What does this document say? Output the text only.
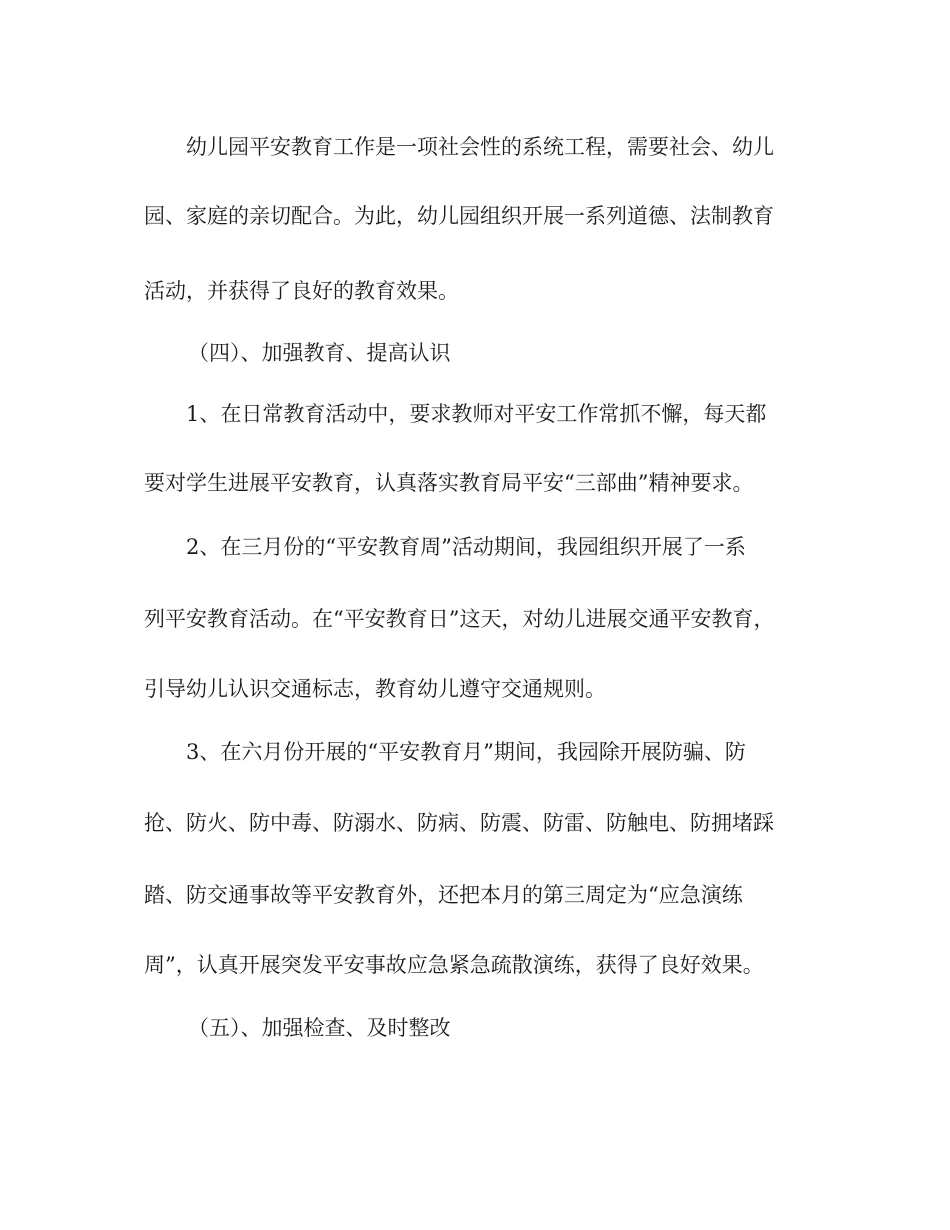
幼儿园平安教育工作是一项社会性的系统工程，需要社会、幼儿
园、家庭的亲切配合。为此，幼儿园组织开展一系列道德、法制教育
活动，并获得了良好的教育效果。
（四）、加强教育、提高认识
1、在日常教育活动中，要求教师对平安工作常抓不懈，每天都
要对学生进展平安教育，认真落实教育局平安“三部曲”精神要求。
2、在三月份的“平安教育周”活动期间，我园组织开展了一系
列平安教育活动。在“平安教育日”这天，对幼儿进展交通平安教育，
引导幼儿认识交通标志，教育幼儿遵守交通规则。
3、在六月份开展的“平安教育月”期间，我园除开展防骗、防
抢、防火、防中毒、防溺水、防病、防震、防雷、防触电、防拥堵踩
踏、防交通事故等平安教育外，还把本月的第三周定为“应急演练
周”，认真开展突发平安事故应急紧急疏散演练，获得了良好效果。
（五）、加强检查、及时整改
